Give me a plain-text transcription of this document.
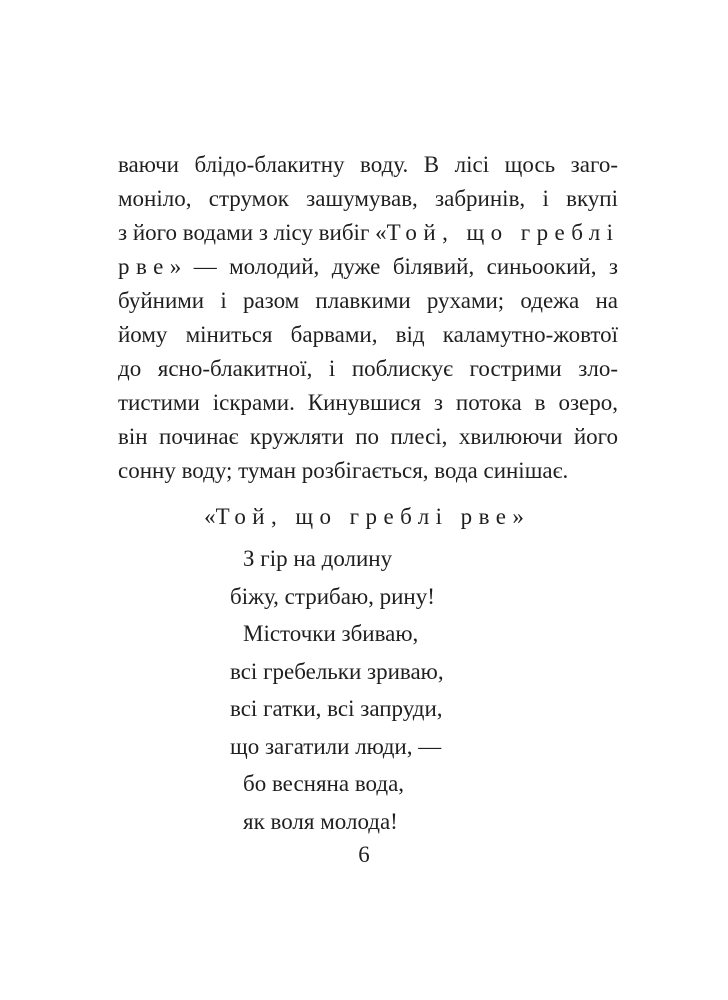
ваючи блідо-блакитну воду. В лісі щось заго-
моніло, струмок зашумував, забринів, і вкупі
з його водами з лісу вибіг «Той, що греблі
рве» — молодий, дуже білявий, синьоокий, з
буйними і разом плавкими рухами; одежа на
йому міниться барвами, від каламутно-жовтої
до ясно-блакитної, і поблискує гострими зло-
тистими іскрами. Кинувшися з потока в озеро,
він починає кружляти по плесі, хвилюючи його
сонну воду; туман розбігається, вода синішає.

«Той, що греблі рве»

З гір на долину
біжу, стрибаю, рину!
Місточки збиваю,
всі гребельки зриваю,
всі гатки, всі запруди,
що загатили люди, —
бо весняна вода,
як воля молода!

6
